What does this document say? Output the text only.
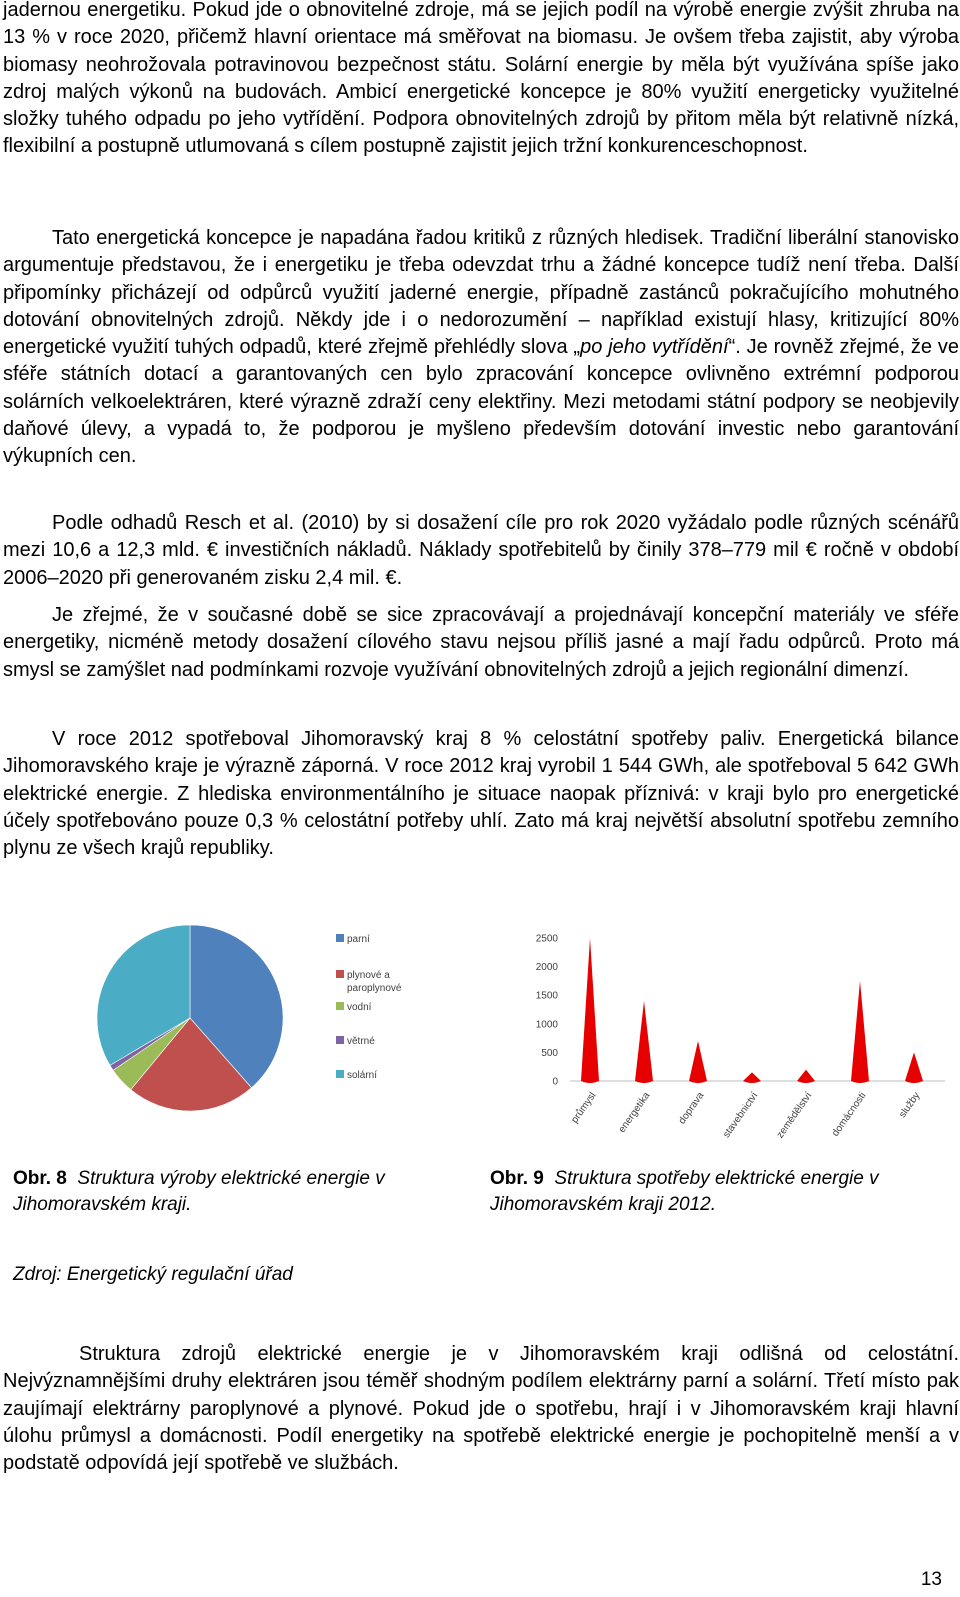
jadernou energetiku. Pokud jde o obnovitelné zdroje, má se jejich podíl na výrobě energie zvýšit zhruba na 13 % v roce 2020, přičemž hlavní orientace má směřovat na biomasu. Je ovšem třeba zajistit, aby výroba biomasy neohrožovala potravinovou bezpečnost státu. Solární energie by měla být využívána spíše jako zdroj malých výkonů na budovách. Ambicí energetické koncepce je 80% využití energeticky využitelné složky tuhého odpadu po jeho vytřídění. Podpora obnovitelných zdrojů by přitom měla být relativně nízká, flexibilní a postupně utlumovaná s cílem postupně zajistit jejich tržní konkurenceschopnost.

Tato energetická koncepce je napadána řadou kritiků z různých hledisek. Tradiční liberální stanovisko argumentuje představou, že i energetiku je třeba odevzdat trhu a žádné koncepce tudíž není třeba. Další připomínky přicházejí od odpůrců využití jaderné energie, případně zastánců pokračujícího mohutného dotování obnovitelných zdrojů. Někdy jde i o nedorozumění – například existují hlasy, kritizující 80% energetické využití tuhých odpadů, které zřejmě přehlédly slova „po jeho vytřídění“. Je rovněž zřejmé, že ve sféře státních dotací a garantovaných cen bylo zpracování koncepce ovlivněno extrémní podporou solárních velkoelektráren, které výrazně zdraží ceny elektřiny. Mezi metodami státní podpory se neobjevily daňové úlevy, a vypadá to, že podporou je myšleno především dotování investic nebo garantování výkupních cen.

Podle odhadů Resch et al. (2010) by si dosažení cíle pro rok 2020 vyžádalo podle různých scénářů mezi 10,6 a 12,3 mld. € investičních nákladů. Náklady spotřebitelů by činily 378–779 mil € ročně v období 2006–2020 při generovaném zisku 2,4 mil. €.

Je zřejmé, že v současné době se sice zpracovávají a projednávají koncepční materiály ve sféře energetiky, nicméně metody dosažení cílového stavu nejsou příliš jasné a mají řadu odpůrců. Proto má smysl se zamýšlet nad podmínkami rozvoje využívání obnovitelných zdrojů a jejich regionální dimenzí.

V roce 2012 spotřeboval Jihomoravský kraj 8 % celostátní spotřeby paliv. Energetická bilance Jihomoravského kraje je výrazně záporná. V roce 2012 kraj vyrobil 1 544 GWh, ale spotřeboval 5 642 GWh elektrické energie. Z hlediska environmentálního je situace naopak příznivá: v kraji bylo pro energetické účely spotřebováno pouze 0,3 % celostátní potřeby uhlí. Zato má kraj největší absolutní spotřebu zemního plynu ze všech krajů republiky.

parní
plynové a paroplynové
vodní
větrné
solární
0
500
1000
1500
2000
2500
průmysl energetika doprava stavebnictví zemědělství domácnosti	služby
Obr. 8 Struktura výroby elektrické energie v Jihomoravském kraji.
Obr. 9 Struktura spotřeby elektrické energie v Jihomoravském kraji 2012.
Zdroj: Energetický regulační úřad

Struktura zdrojů elektrické energie je v Jihomoravském kraji odlišná od celostátní. Nejvýznamnějšími druhy elektráren jsou téměř shodným podílem elektrárny parní a solární. Třetí místo pak zaujímají elektrárny paroplynové a plynové. Pokud jde o spotřebu, hrají i v Jihomoravském kraji hlavní úlohu průmysl a domácnosti. Podíl energetiky na spotřebě elektrické energie je pochopitelně menší a v podstatě odpovídá její spotřebě ve službách.

13
